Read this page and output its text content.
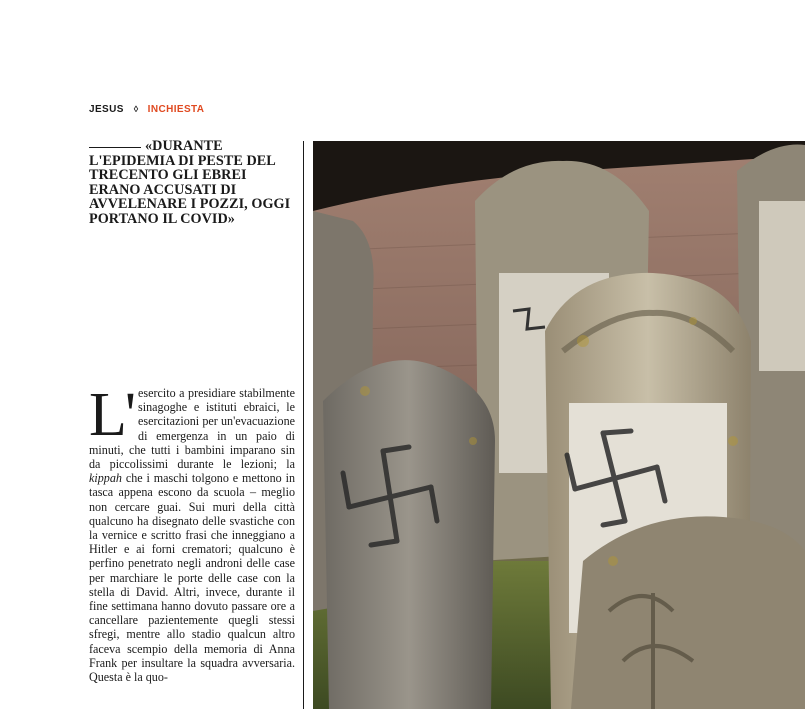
JESUS ◊ INCHIESTA
«DURANTE L'EPIDEMIA DI PESTE DEL TRECENTO GLI EBREI ERANO ACCUSATI DI AVVELENARE I POZZI, OGGI PORTANO IL COVID»

L' esercito a presidiare stabilmente sinagoghe e istituti ebraici, le esercitazioni per un'evacuazione di emergenza in un paio di minuti, che tutti i bambini imparano sin da piccolissimi durante le lezioni; la kippah che i maschi tolgono e mettono in tasca appena escono da scuola – meglio non cercare guai. Sui muri della città qualcuno ha disegnato delle svastiche con la vernice e scritto frasi che inneggiano a Hitler e ai forni crematori; qualcuno è perfino penetrato negli androni delle case per marchiare le porte delle case con la stella di David. Altri, invece, durante il fine settimana hanno dovuto passare ore a cancellare pazientemente quegli stessi sfregi, mentre allo stadio qualcun altro faceva scempio della memoria di Anna Frank per insultare la squadra avversaria. Questa è la quo-
